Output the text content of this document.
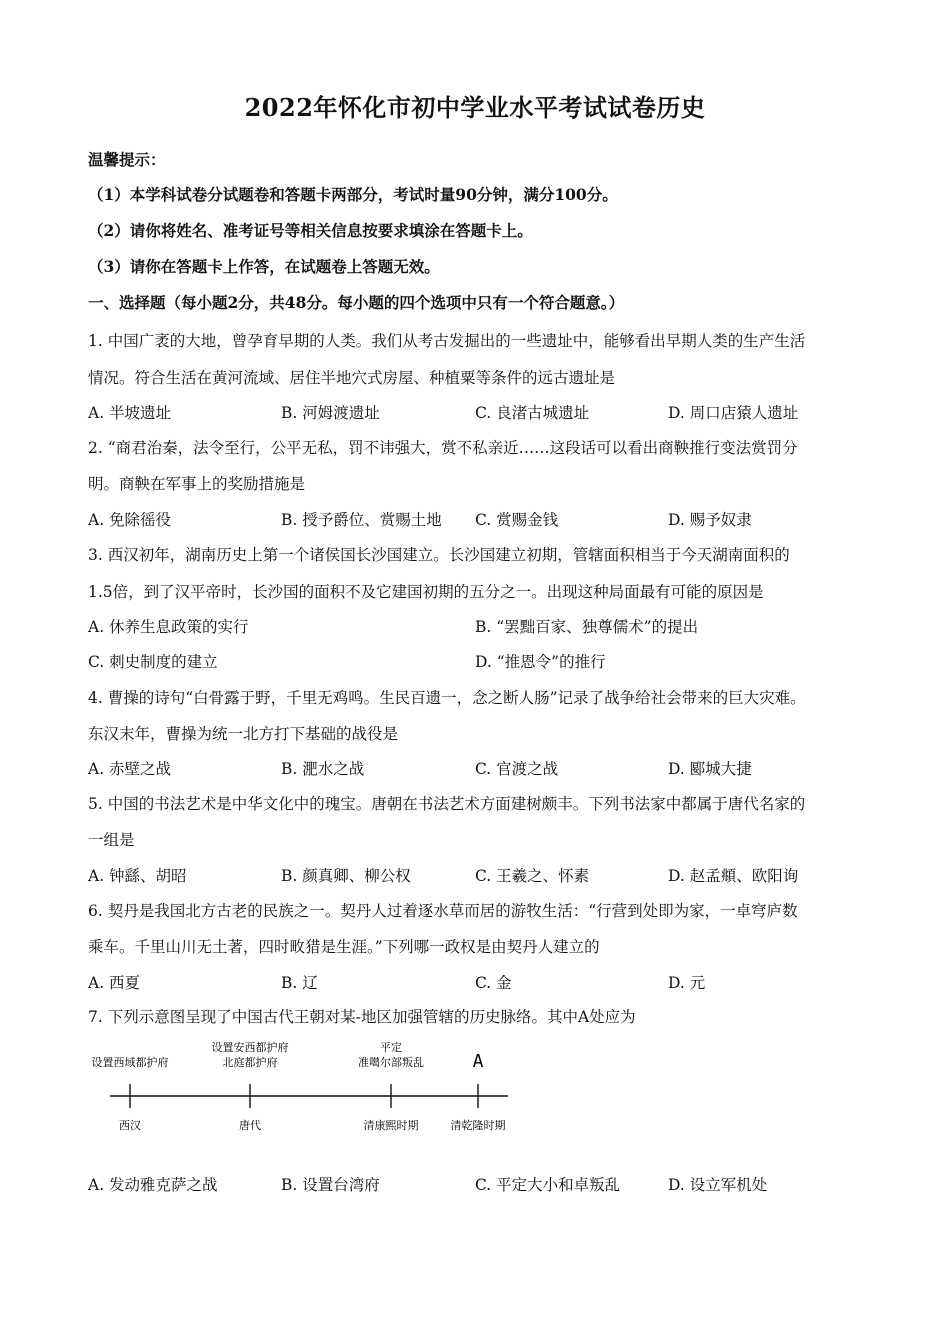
2022年怀化市初中学业水平考试试卷历史
温馨提示：
（1）本学科试卷分试题卷和答题卡两部分，考试时量90分钟，满分100分。
（2）请你将姓名、准考证号等相关信息按要求填涂在答题卡上。
（3）请你在答题卡上作答，在试题卷上答题无效。
一、选择题（每小题2分，共48分。每小题的四个选项中只有一个符合题意。）
1. 中国广袤的大地，曾孕育早期的人类。我们从考古发掘出的一些遗址中，能够看出早期人类的生产生活
情况。符合生活在黄河流域、居住半地穴式房屋、种植粟等条件的远古遗址是
A. 半坡遗址	B. 河姆渡遗址	C. 良渚古城遗址	D. 周口店猿人遗址
2. “商君治秦，法令至行，公平无私，罚不讳强大，赏不私亲近……这段话可以看出商鞅推行变法赏罚分
明。商鞅在军事上的奖励措施是
A. 免除徭役	B. 授予爵位、赏赐土地 C. 赏赐金钱	D. 赐予奴隶
3. 西汉初年，湖南历史上第一个诸侯国长沙国建立。长沙国建立初期，管辖面积相当于今天湖南面积的
1.5倍，到了汉平帝时，长沙国的面积不及它建国初期的五分之一。出现这种局面最有可能的原因是
A. 休养生息政策的实行	B. “罢黜百家、独尊儒术”的提出
C. 刺史制度的建立	D. “推恩令”的推行
4. 曹操的诗句“白骨露于野，千里无鸡鸣。生民百遗一，念之断人肠”记录了战争给社会带来的巨大灾难。
东汉末年，曹操为统一北方打下基础的战役是
A. 赤壁之战	B. 淝水之战	C. 官渡之战	D. 郾城大捷
5. 中国的书法艺术是中华文化中的瑰宝。唐朝在书法艺术方面建树颇丰。下列书法家中都属于唐代名家的
一组是
A. 钟繇、胡昭	B. 颜真卿、柳公权	C. 王羲之、怀素	D. 赵孟頫、欧阳询
6. 契丹是我国北方古老的民族之一。契丹人过着逐水草而居的游牧生活：“行营到处即为家，一卓穹庐数
乘车。千里山川无土著，四时畋猎是生涯。”下列哪一政权是由契丹人建立的
A. 西夏	B. 辽	C. 金	D. 元
7. 下列示意图呈现了中国古代王朝对某-地区加强管辖的历史脉络。其中A处应为
设置西域都护府
设置安西都护府
北庭都护府
平定
准噶尔部叛乱	A
西汉	唐代	清康熙时期	清乾隆时期
A. 发动雅克萨之战	B. 设置台湾府	C. 平定大小和卓叛乱	D. 设立军机处
